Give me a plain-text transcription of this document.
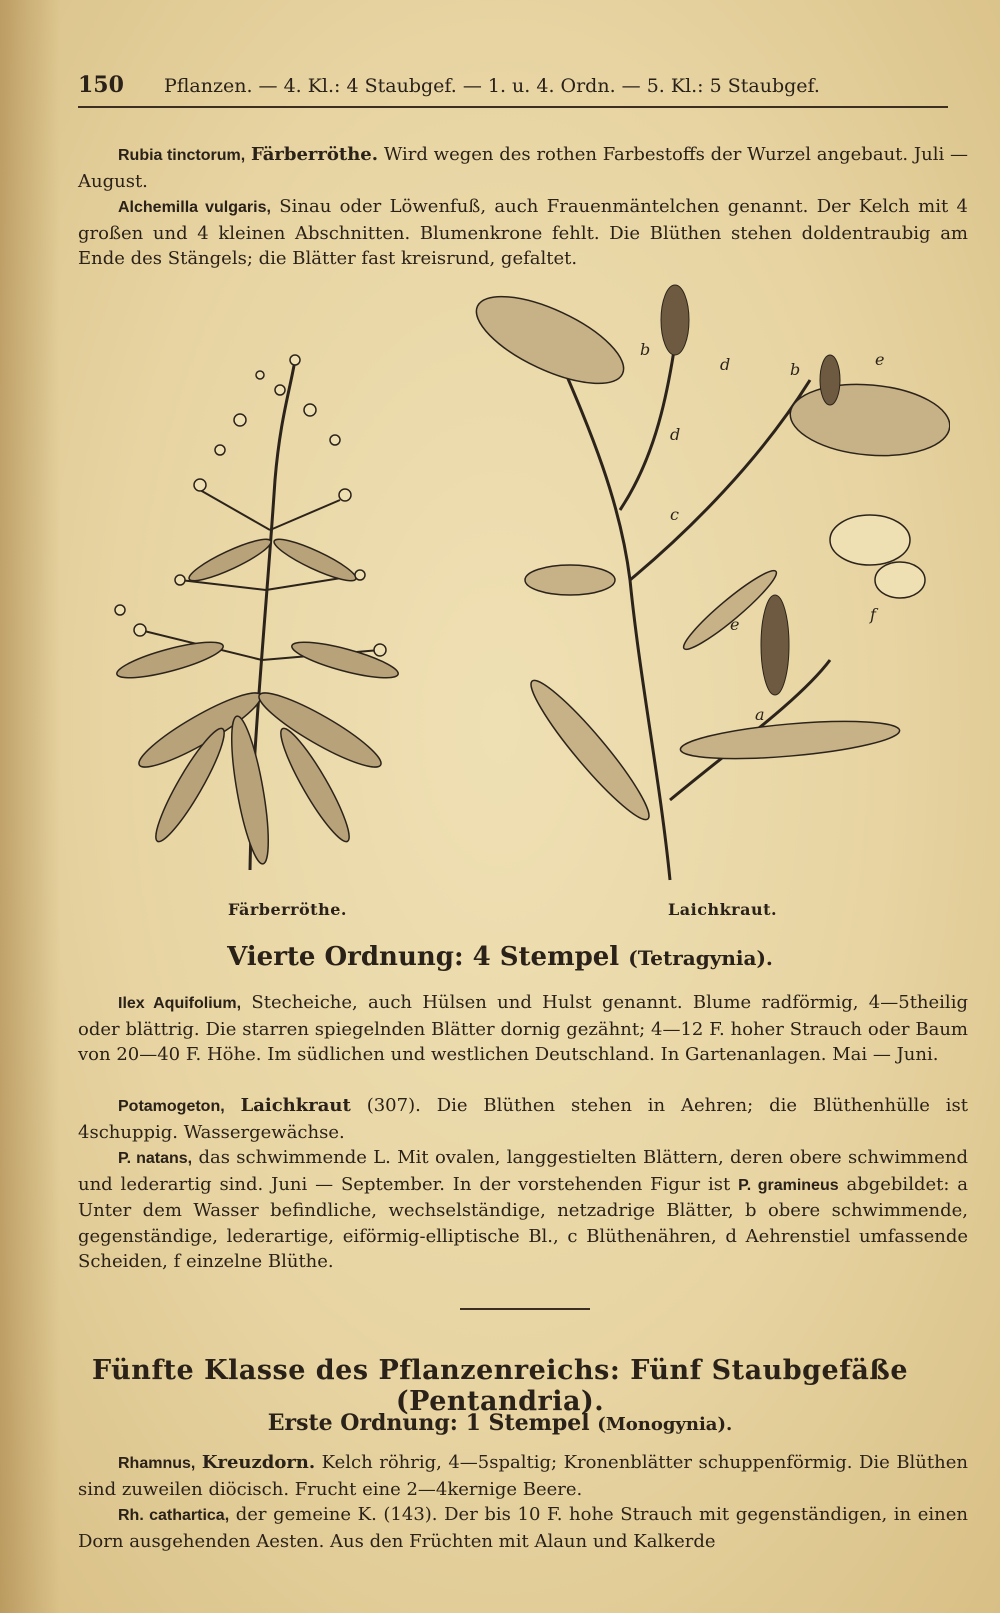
150 Pflanzen. — 4. Kl.: 4 Staubgef. — 1. u. 4. Ordn. — 5. Kl.: 5 Staubgef.
Rubia tinctorum, Färberröthe. Wird wegen des rothen Farbestoffs der Wurzel angebaut. Juli — August.
Alchemilla vulgaris, Sinau oder Löwenfuß, auch Frauenmäntelchen genannt. Der Kelch mit 4 großen und 4 kleinen Abschnitten. Blumenkrone fehlt. Die Blüthen stehen doldentraubig am Ende des Stängels; die Blätter fast kreisrund, gefaltet.
Färberröthe.
b
d	b
e
d
c
e
f
a
Laichkraut.
Vierte Ordnung: 4 Stempel (Tetragynia).
Ilex Aquifolium, Stecheiche, auch Hülsen und Hulst genannt. Blume radförmig, 4—5theilig oder blättrig. Die starren spiegelnden Blätter dornig gezähnt; 4—12 F. hoher Strauch oder Baum von 20—40 F. Höhe. Im südlichen und westlichen Deutschland. In Gartenanlagen. Mai — Juni.
Potamogeton, Laichkraut (307). Die Blüthen stehen in Aehren; die Blüthenhülle ist 4schuppig. Wassergewächse.
P. natans, das schwimmende L. Mit ovalen, langgestielten Blättern, deren obere schwimmend und lederartig sind. Juni — September. In der vorstehenden Figur ist P. gramineus abgebildet: a Unter dem Wasser befindliche, wechselständige, netzadrige Blätter, b obere schwimmende, gegenständige, lederartige, eiförmig-elliptische Bl., c Blüthenähren, d Aehrenstiel umfassende Scheiden, f einzelne Blüthe.
Fünfte Klasse des Pflanzenreichs: Fünf Staubgefäße (Pentandria).
Erste Ordnung: 1 Stempel (Monogynia).
Rhamnus, Kreuzdorn. Kelch röhrig, 4—5spaltig; Kronenblätter schuppenförmig. Die Blüthen sind zuweilen diöcisch. Frucht eine 2—4kernige Beere.
Rh. cathartica, der gemeine K. (143). Der bis 10 F. hohe Strauch mit gegenständigen, in einen Dorn ausgehenden Aesten. Aus den Früchten mit Alaun und Kalkerde
